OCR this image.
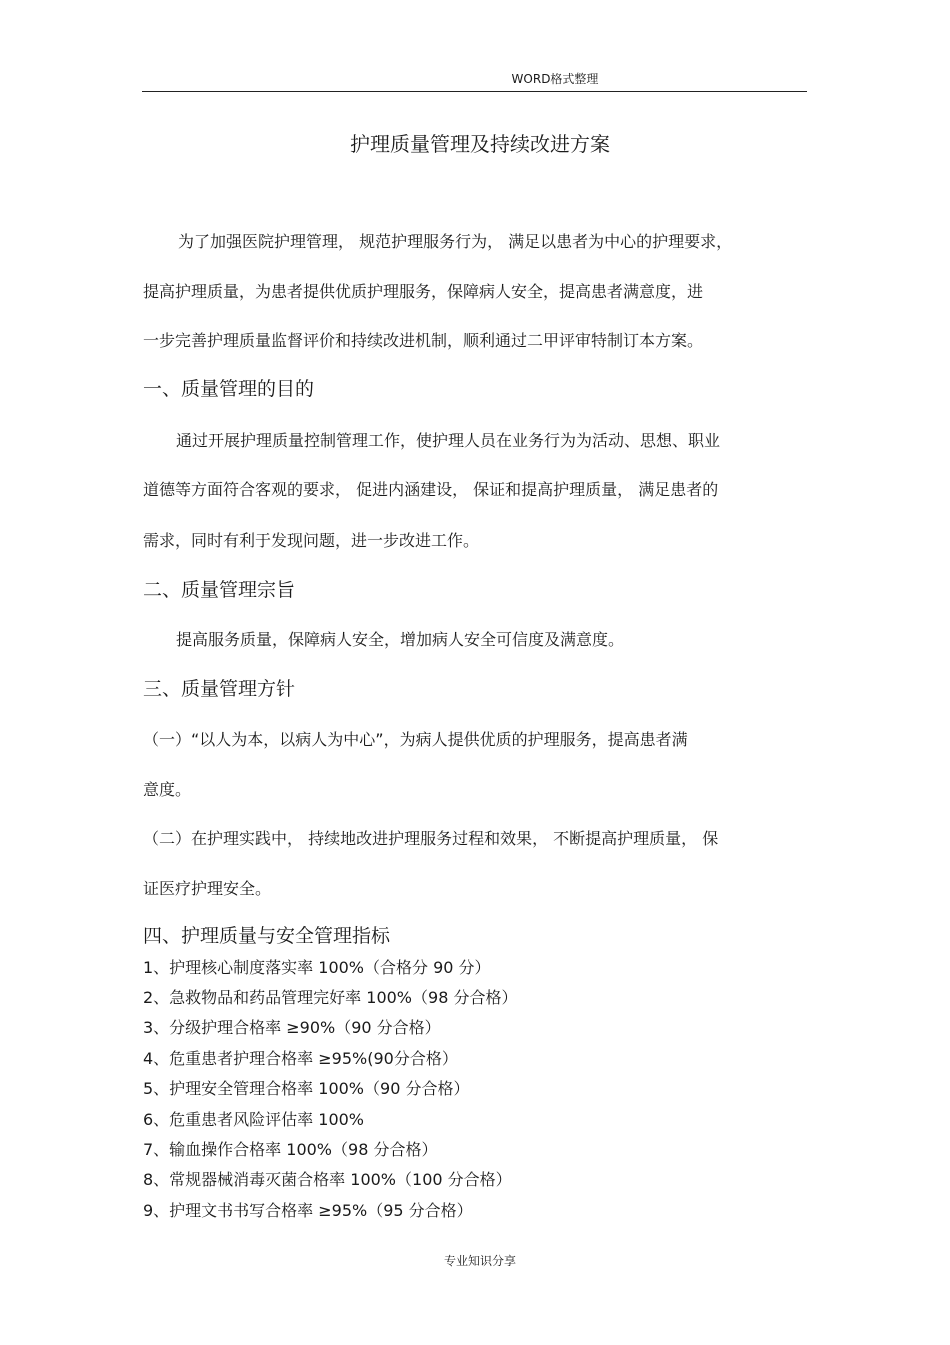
WORD格式整理
护理质量管理及持续改进方案
为了加强医院护理管理， 规范护理服务行为， 满足以患者为中心的护理要求，
提高护理质量，为患者提供优质护理服务，保障病人安全，提高患者满意度，进
一步完善护理质量监督评价和持续改进机制，顺利通过二甲评审特制订本方案。
一、质量管理的目的
通过开展护理质量控制管理工作，使护理人员在业务行为为活动、思想、职业
道德等方面符合客观的要求， 促进内涵建设， 保证和提高护理质量， 满足患者的
需求，同时有利于发现问题，进一步改进工作。
二、质量管理宗旨
提高服务质量，保障病人安全，增加病人安全可信度及满意度。
三、质量管理方针
（一）“以人为本，以病人为中心”，为病人提供优质的护理服务，提高患者满
意度。
（二）在护理实践中， 持续地改进护理服务过程和效果， 不断提高护理质量， 保
证医疗护理安全。
四、护理质量与安全管理指标
1、护理核心制度落实率 100%（合格分 90 分）
2、急救物品和药品管理完好率 100%（98 分合格）
3、分级护理合格率 ≥90%（90 分合格）
4、危重患者护理合格率 ≥95%(90分合格）
5、护理安全管理合格率 100%（90 分合格）
6、危重患者风险评估率 100%
7、输血操作合格率 100%（98 分合格）
8、常规器械消毒灭菌合格率 100%（100 分合格）
9、护理文书书写合格率 ≥95%（95 分合格）
专业知识分享
